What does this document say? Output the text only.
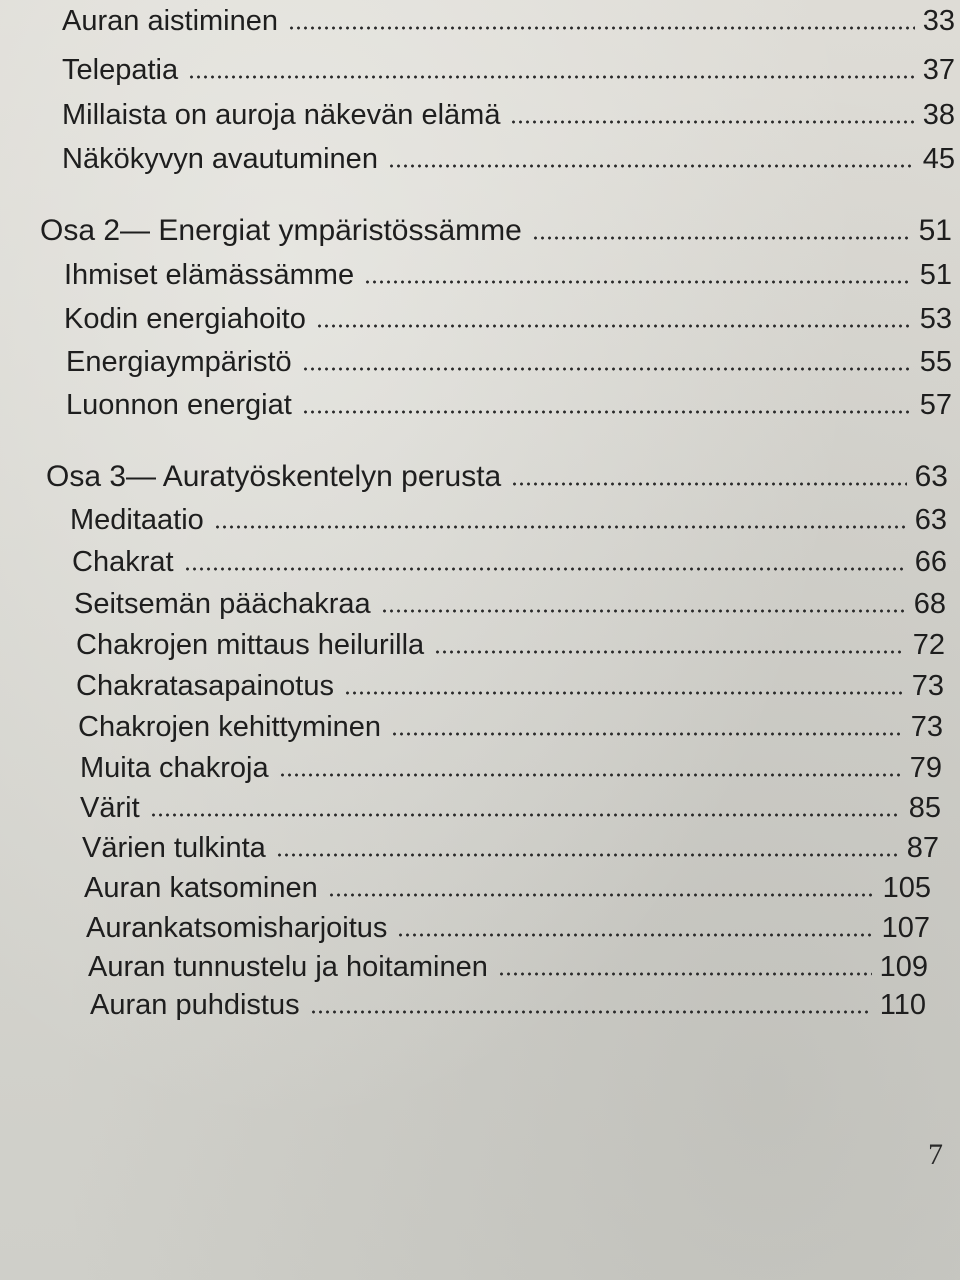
Auran aistiminen	33
Telepatia	37
Millaista on auroja näkevän elämä	38
Näkökyvyn avautuminen	45
Osa 2— Energiat ympäristössämme	51
Ihmiset elämässämme	51
Kodin energiahoito	53
Energiaympäristö	55
Luonnon energiat	57
Osa 3— Auratyöskentelyn perusta	63
Meditaatio	63
Chakrat	66
Seitsemän päächakraa	68
Chakrojen mittaus heilurilla	72
Chakratasapainotus	73
Chakrojen kehittyminen	73
Muita chakroja	79
Värit	85
Värien tulkinta	87
Auran katsominen	105
Aurankatsomisharjoitus	107
Auran tunnustelu ja hoitaminen	109
Auran puhdistus	110
7
